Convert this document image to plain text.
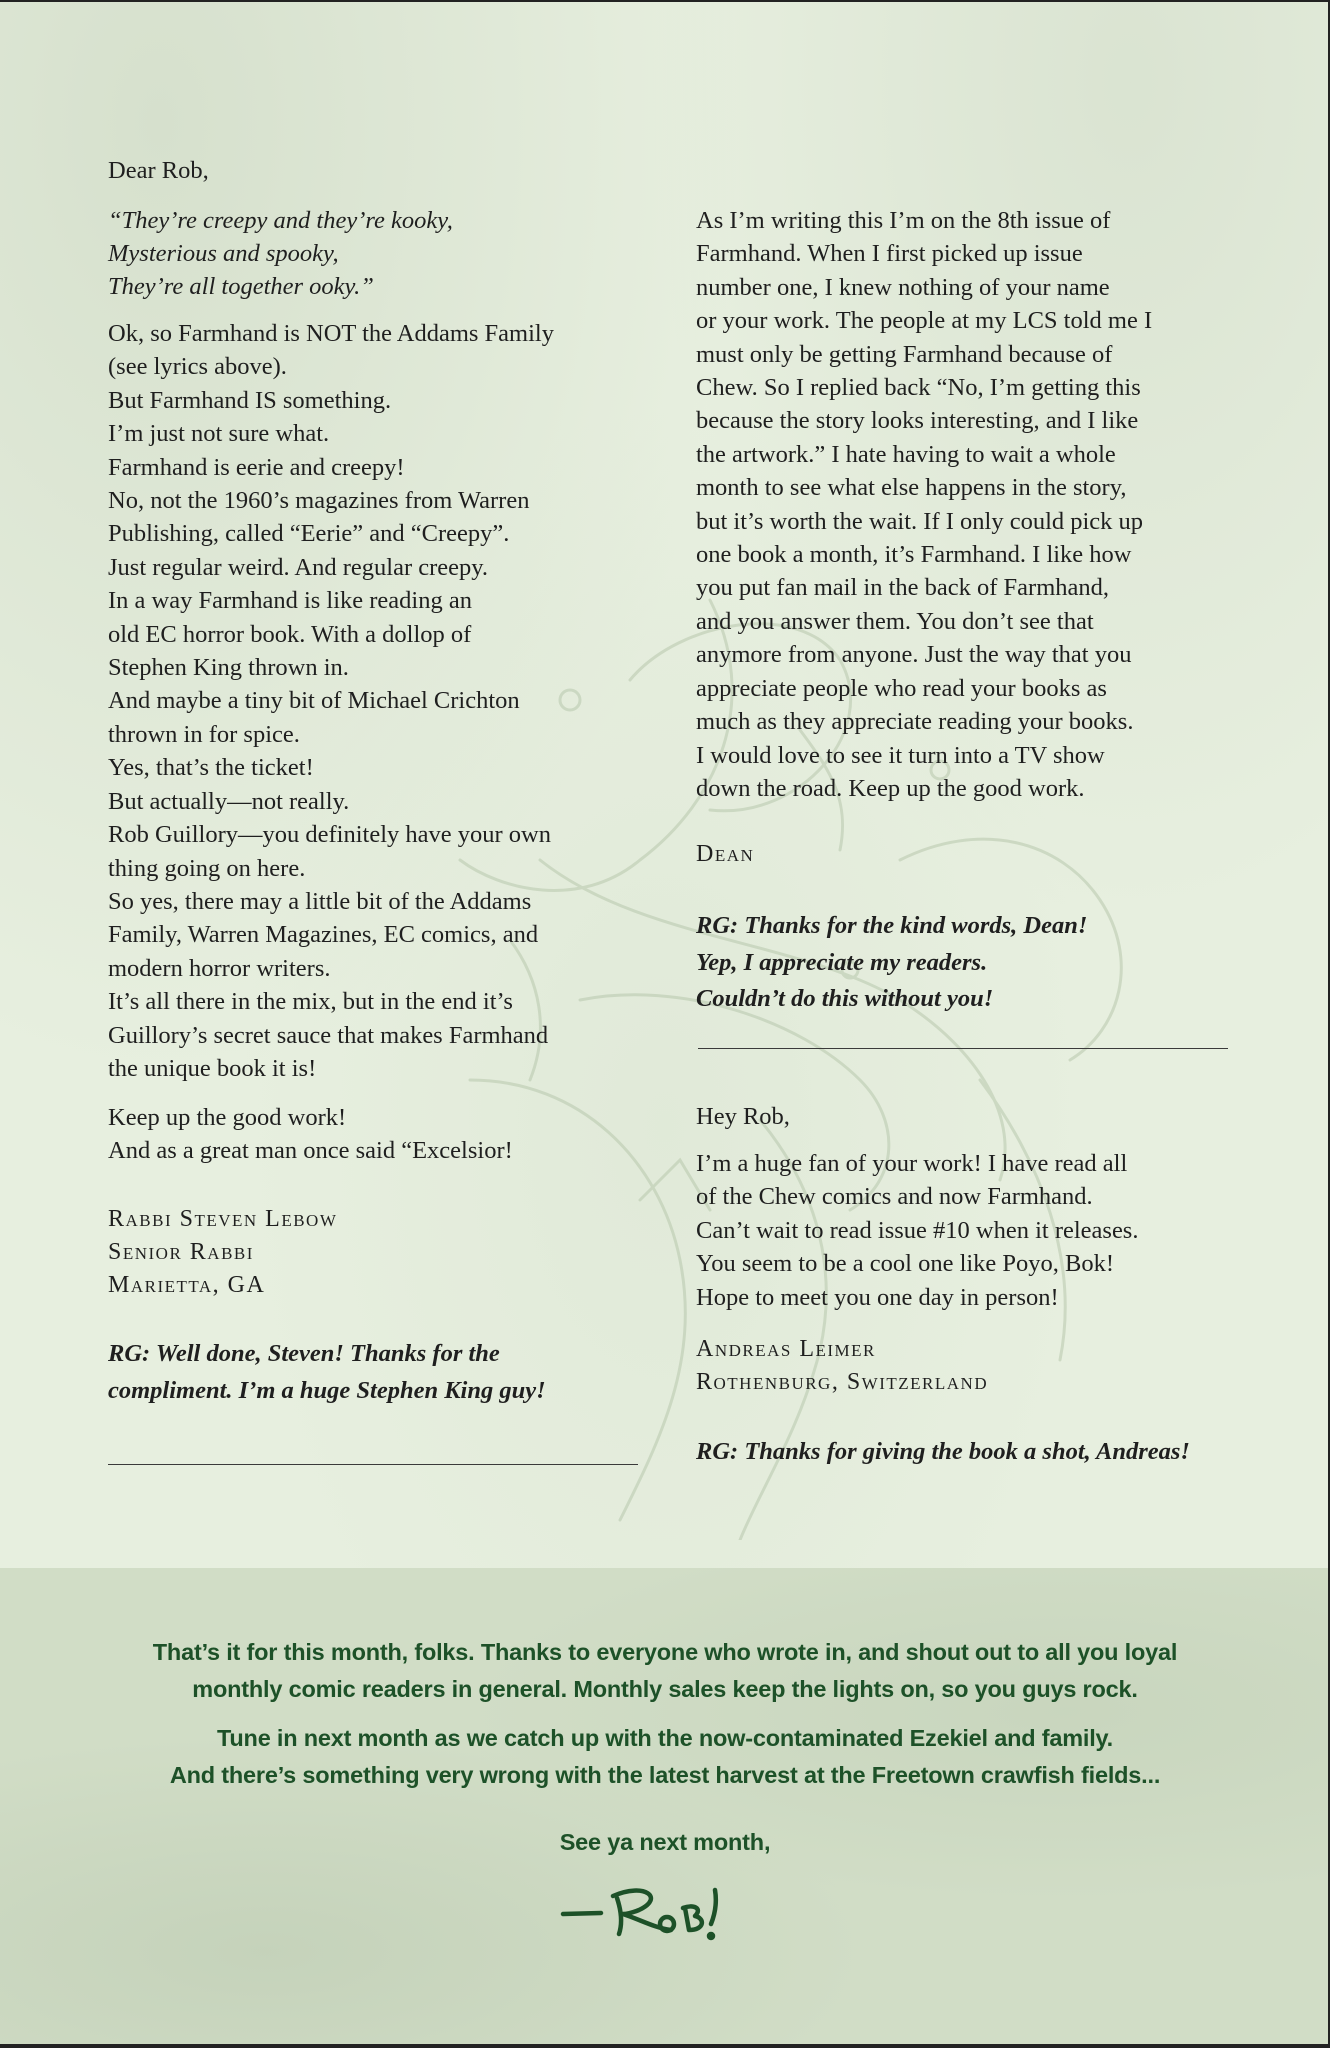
Dear Rob,

“They’re creepy and they’re kooky,
Mysterious and spooky,
They’re all together ooky.”

Ok, so Farmhand is NOT the Addams Family
(see lyrics above).
But Farmhand IS something.
I’m just not sure what.
Farmhand is eerie and creepy!
No, not the 1960’s magazines from Warren
Publishing, called “Eerie” and “Creepy”.
Just regular weird. And regular creepy.
In a way Farmhand is like reading an
old EC horror book. With a dollop of
Stephen King thrown in.
And maybe a tiny bit of Michael Crichton
thrown in for spice.
Yes, that’s the ticket!
But actually—not really.
Rob Guillory—you definitely have your own
thing going on here.
So yes, there may a little bit of the Addams
Family, Warren Magazines, EC comics, and
modern horror writers.
It’s all there in the mix, but in the end it’s
Guillory’s secret sauce that makes Farmhand
the unique book it is!

Keep up the good work!
And as a great man once said “Excelsior!

Rabbi Steven Lebow
Senior Rabbi
Marietta, GA

RG: Well done, Steven! Thanks for the
compliment. I’m a huge Stephen King guy!

As I’m writing this I’m on the 8th issue of
Farmhand. When I first picked up issue
number one, I knew nothing of your name
or your work. The people at my LCS told me I
must only be getting Farmhand because of
Chew. So I replied back “No, I’m getting this
because the story looks interesting, and I like
the artwork.” I hate having to wait a whole
month to see what else happens in the story,
but it’s worth the wait. If I only could pick up
one book a month, it’s Farmhand. I like how
you put fan mail in the back of Farmhand,
and you answer them. You don’t see that
anymore from anyone. Just the way that you
appreciate people who read your books as
much as they appreciate reading your books.
I would love to see it turn into a TV show
down the road. Keep up the good work.

Dean

RG: Thanks for the kind words, Dean!
Yep, I appreciate my readers.
Couldn’t do this without you!

Hey Rob,

I’m a huge fan of your work! I have read all
of the Chew comics and now Farmhand.
Can’t wait to read issue #10 when it releases.
You seem to be a cool one like Poyo, Bok!
Hope to meet you one day in person!

Andreas Leimer
Rothenburg, Switzerland

RG: Thanks for giving the book a shot, Andreas!

That’s it for this month, folks. Thanks to everyone who wrote in, and shout out to all you loyal
monthly comic readers in general. Monthly sales keep the lights on, so you guys rock.

Tune in next month as we catch up with the now-contaminated Ezekiel and family.
And there’s something very wrong with the latest harvest at the Freetown crawfish fields...

See ya next month,
